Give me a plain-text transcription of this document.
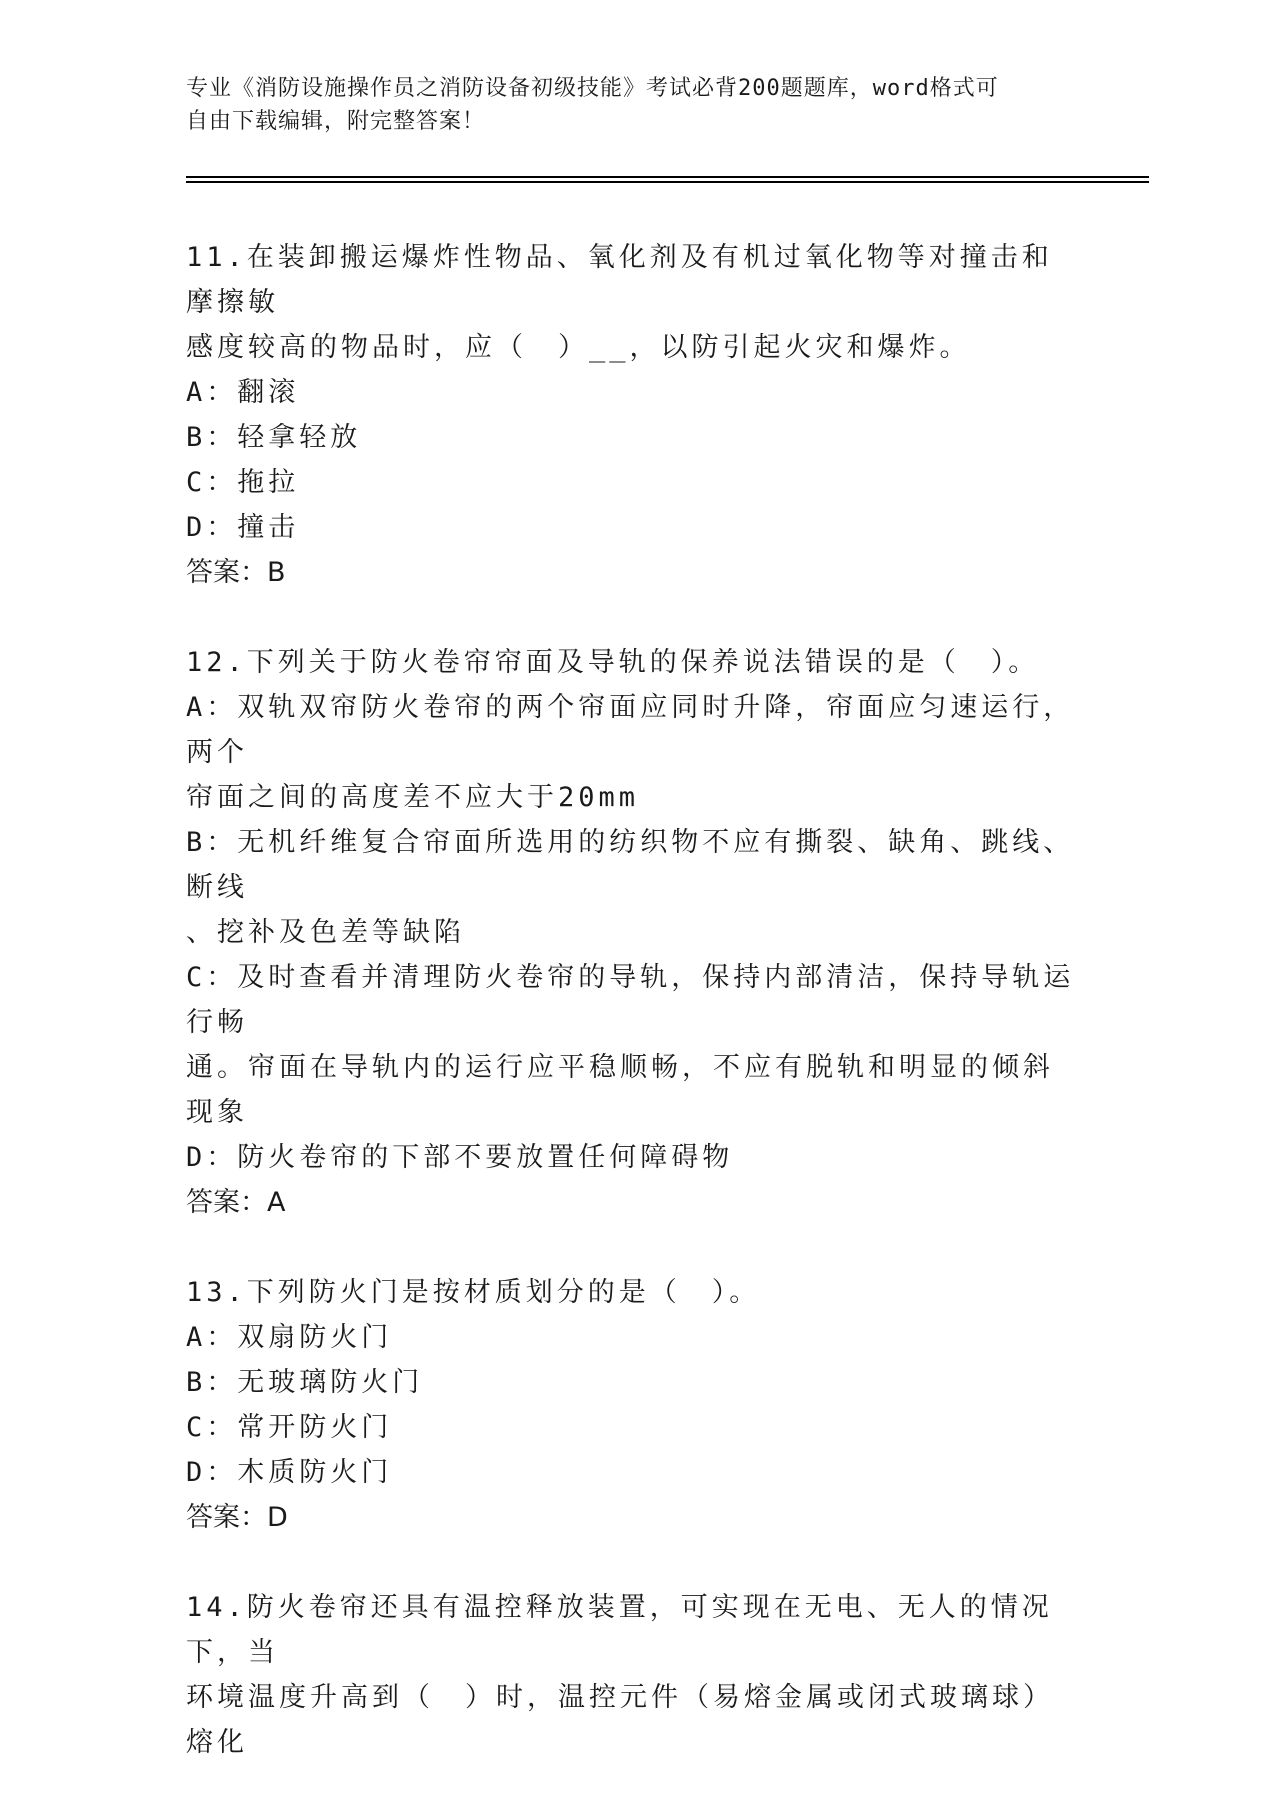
专业《消防设施操作员之消防设备初级技能》考试必背200题题库，word格式可
自由下载编辑，附完整答案！
11.在装卸搬运爆炸性物品、氧化剂及有机过氧化物等对撞击和摩擦敏
感度较高的物品时，应（　）__，以防引起火灾和爆炸。
A：翻滚
B：轻拿轻放
C：拖拉
D：撞击
答案：B
12.下列关于防火卷帘帘面及导轨的保养说法错误的是（　）。
A：双轨双帘防火卷帘的两个帘面应同时升降，帘面应匀速运行，两个
帘面之间的高度差不应大于20mm
B：无机纤维复合帘面所选用的纺织物不应有撕裂、缺角、跳线、断线
、挖补及色差等缺陷
C：及时查看并清理防火卷帘的导轨，保持内部清洁，保持导轨运行畅
通。帘面在导轨内的运行应平稳顺畅，不应有脱轨和明显的倾斜现象
D：防火卷帘的下部不要放置任何障碍物
答案：A
13.下列防火门是按材质划分的是（　）。
A：双扇防火门
B：无玻璃防火门
C：常开防火门
D：木质防火门
答案：D
14.防火卷帘还具有温控释放装置，可实现在无电、无人的情况下，当
环境温度升高到（　）时，温控元件（易熔金属或闭式玻璃球）熔化
